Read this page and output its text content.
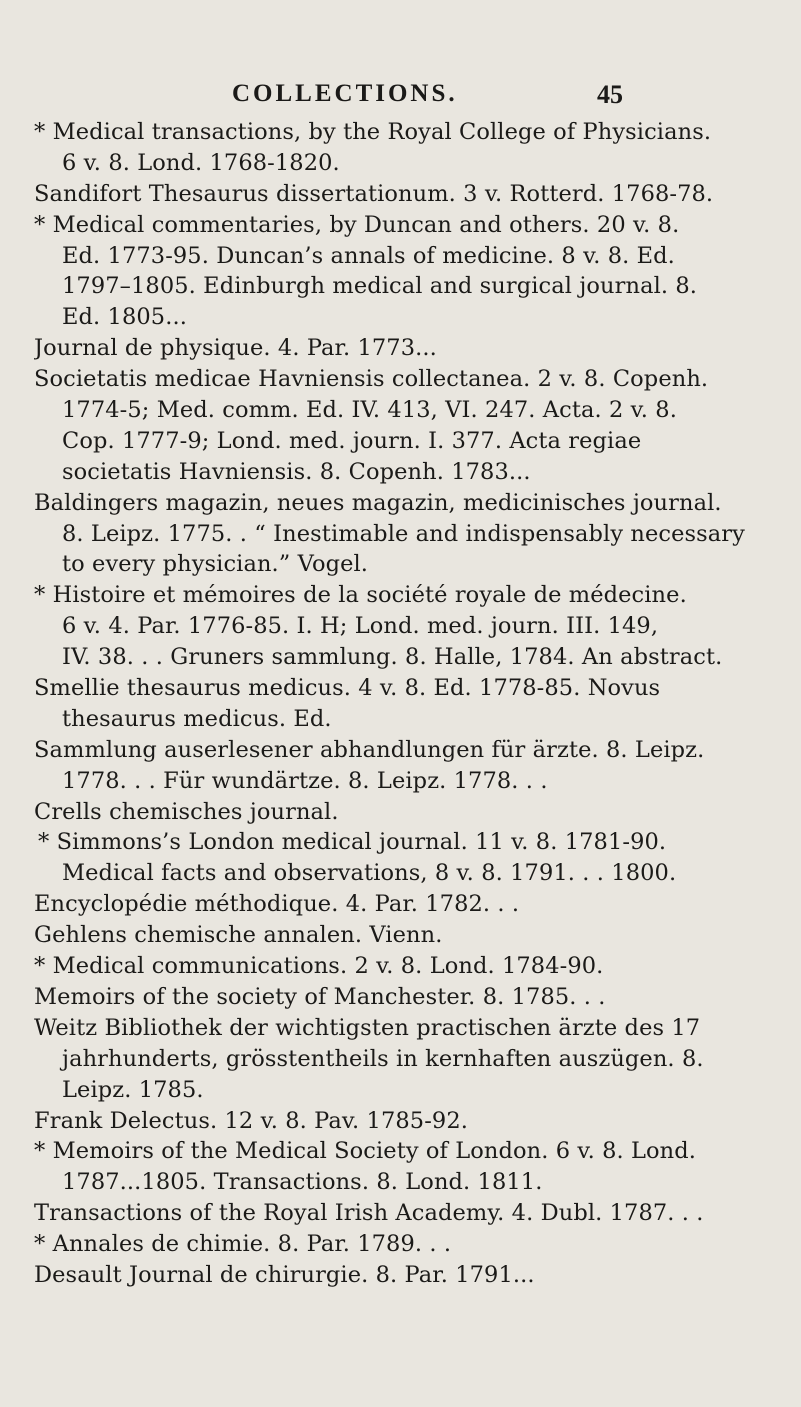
COLLECTIONS.	45
* Medical transactions, by the Royal College of Physicians.
6 v. 8. Lond. 1768-1820.
Sandifort Thesaurus dissertationum. 3 v. Rotterd. 1768-78.
* Medical commentaries, by Duncan and others. 20 v. 8.
Ed. 1773-95. Duncan’s annals of medicine. 8 v. 8. Ed.
1797–1805. Edinburgh medical and surgical journal. 8.
Ed. 1805...
Journal de physique. 4. Par. 1773...
Societatis medicae Havniensis collectanea. 2 v. 8. Copenh.
1774-5; Med. comm. Ed. IV. 413, VI. 247. Acta. 2 v. 8.
Cop. 1777-9; Lond. med. journ. I. 377. Acta regiae
societatis Havniensis. 8. Copenh. 1783...
Baldingers magazin, neues magazin, medicinisches journal.
8. Leipz. 1775. . “ Inestimable and indispensably necessary
to every physician.” Vogel.
* Histoire et mémoires de la société royale de médecine.
6 v. 4. Par. 1776-85. I. H; Lond. med. journ. III. 149,
IV. 38. . . Gruners sammlung. 8. Halle, 1784. An abstract.
Smellie thesaurus medicus. 4 v. 8. Ed. 1778-85. Novus
thesaurus medicus. Ed.
Sammlung auserlesener abhandlungen für ärzte. 8. Leipz.
1778. . . Für wundärtze. 8. Leipz. 1778. . .
Crells chemisches journal.
* Simmons’s London medical journal. 11 v. 8. 1781-90.
Medical facts and observations, 8 v. 8. 1791. . . 1800.
Encyclopédie méthodique. 4. Par. 1782. . .
Gehlens chemische annalen. Vienn.
* Medical communications. 2 v. 8. Lond. 1784-90.
Memoirs of the society of Manchester. 8. 1785. . .
Weitz Bibliothek der wichtigsten practischen ärzte des 17
jahrhunderts, grösstentheils in kernhaften auszügen. 8.
Leipz. 1785.
Frank Delectus. 12 v. 8. Pav. 1785-92.
* Memoirs of the Medical Society of London. 6 v. 8. Lond.
1787...1805. Transactions. 8. Lond. 1811.
Transactions of the Royal Irish Academy. 4. Dubl. 1787. . .
* Annales de chimie. 8. Par. 1789. . .
Desault Journal de chirurgie. 8. Par. 1791...
